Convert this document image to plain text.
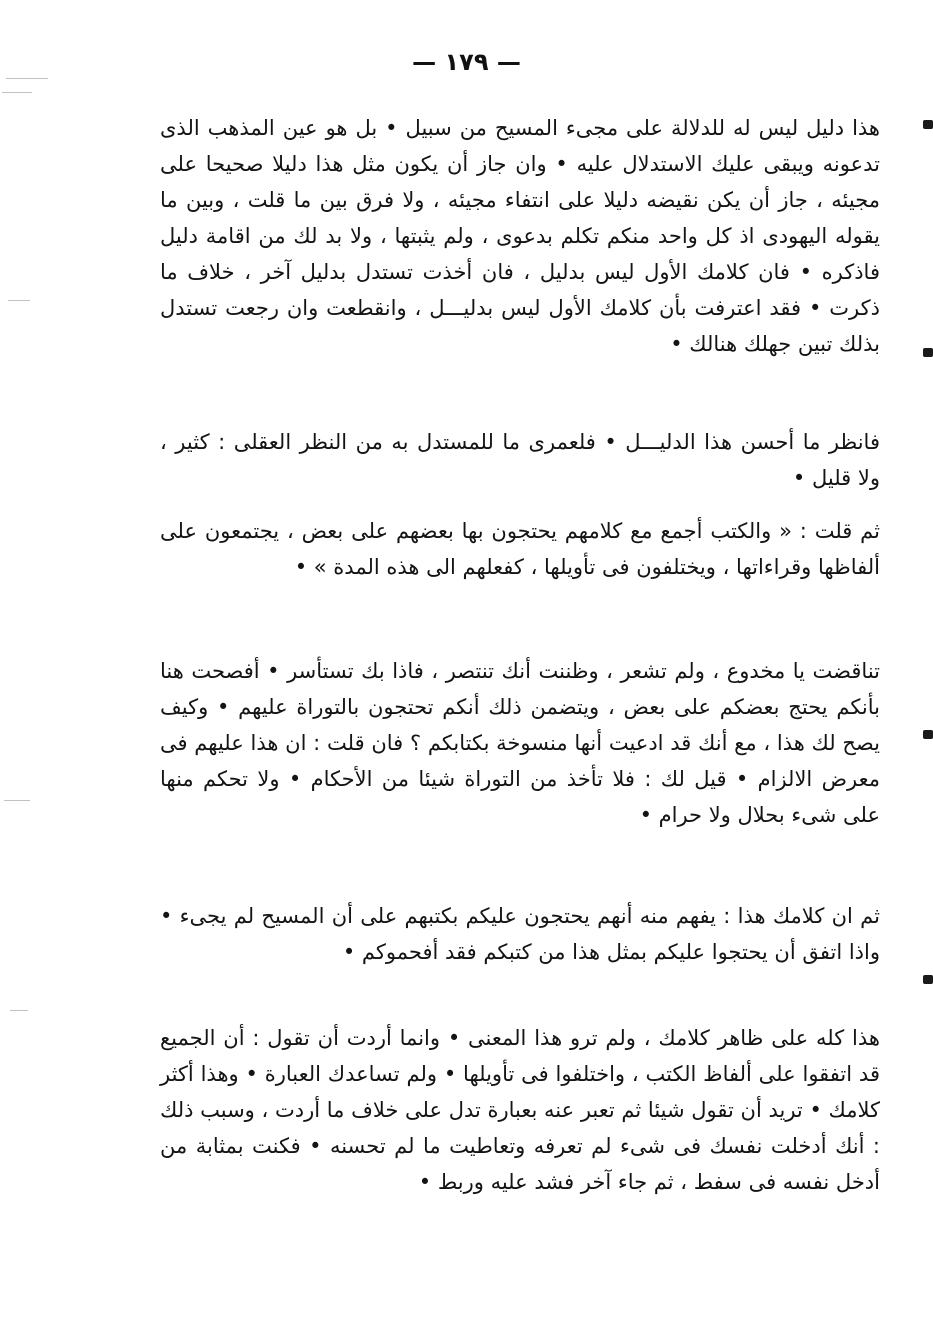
— ١٧٩ —

هذا دليل ليس له للدلالة على مجىء المسيح من سبيل • بل هو عين المذهب الذى تدعونه ويبقى عليك الاستدلال عليه • وان جاز أن يكون مثل هذا دليلا صحيحا على مجيئه ، جاز أن يكن نقيضه دليلا على انتفاء مجيئه ، ولا فرق بين ما قلت ، وبين ما يقوله اليهودى اذ كل واحد منكم تكلم بدعوى ، ولم يثبتها ، ولا بد لك من اقامة دليل فاذكره • فان كلامك الأول ليس بدليل ، فان أخذت تستدل بدليل آخر ، خلاف ما ذكرت • فقد اعترفت بأن كلامك الأول ليس بدليـــل ، وانقطعت وان رجعت تستدل بذلك تبين جهلك هنالك •

فانظر ما أحسن هذا الدليـــل • فلعمرى ما للمستدل به من النظر العقلى : كثير ، ولا قليل •

ثم قلت : « والكتب أجمع مع كلامهم يحتجون بها بعضهم على بعض ، يجتمعون على ألفاظها وقراءاتها ، ويختلفون فى تأويلها ، كفعلهم الى هذه المدة » •

تناقضت يا مخدوع ، ولم تشعر ، وظننت أنك تنتصر ، فاذا بك تستأسر • أفصحت هنا بأنكم يحتج بعضكم على بعض ، ويتضمن ذلك أنكم تحتجون بالتوراة عليهم • وكيف يصح لك هذا ، مع أنك قد ادعيت أنها منسوخة بكتابكم ؟ فان قلت : ان هذا عليهم فى معرض الالزام • قيل لك : فلا تأخذ من التوراة شيئا من الأحكام • ولا تحكم منها على شىء بحلال ولا حرام •

ثم ان كلامك هذا : يفهم منه أنهم يحتجون عليكم بكتبهم على أن المسيح لم يجىء • واذا اتفق أن يحتجوا عليكم بمثل هذا من كتبكم فقد أفحموكم •

هذا كله على ظاهر كلامك ، ولم ترو هذا المعنى • وانما أردت أن تقول : أن الجميع قد اتفقوا على ألفاظ الكتب ، واختلفوا فى تأويلها • ولم تساعدك العبارة • وهذا أكثر كلامك • تريد أن تقول شيئا ثم تعبر عنه بعبارة تدل على خلاف ما أردت ، وسبب ذلك : أنك أدخلت نفسك فى شىء لم تعرفه وتعاطيت ما لم تحسنه • فكنت بمثابة من أدخل نفسه فى سفط ، ثم جاء آخر فشد عليه وربط •
